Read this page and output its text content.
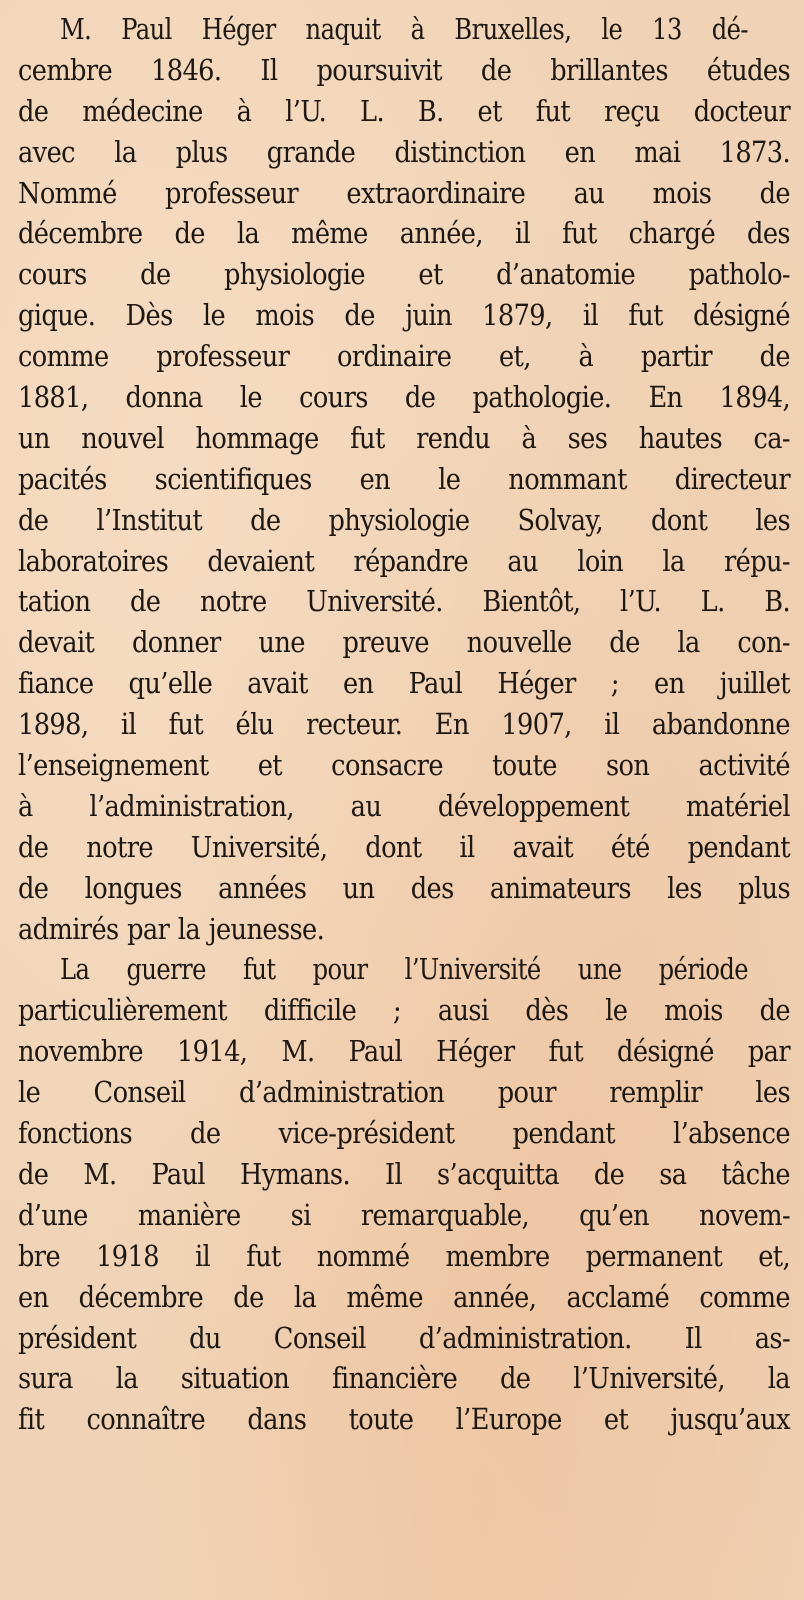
M. Paul Héger naquit à Bruxelles, le 13 dé-
cembre 1846. Il poursuivit de brillantes études
de médecine à l’U. L. B. et fut reçu docteur
avec la plus grande distinction en mai 1873.
Nommé professeur extraordinaire au mois de
décembre de la même année, il fut chargé des
cours de physiologie et d’anatomie patholo-
gique. Dès le mois de juin 1879, il fut désigné
comme professeur ordinaire et, à partir de
1881, donna le cours de pathologie. En 1894,
un nouvel hommage fut rendu à ses hautes ca-
pacités scientifiques en le nommant directeur
de l’Institut de physiologie Solvay, dont les
laboratoires devaient répandre au loin la répu-
tation de notre Université. Bientôt, l’U. L. B.
devait donner une preuve nouvelle de la con-
fiance qu’elle avait en Paul Héger ; en juillet
1898, il fut élu recteur. En 1907, il abandonne
l’enseignement et consacre toute son activité
à l’administration, au développement matériel
de notre Université, dont il avait été pendant
de longues années un des animateurs les plus
admirés par la jeunesse.
La guerre fut pour l’Université une période
particulièrement difficile ; ausi dès le mois de
novembre 1914, M. Paul Héger fut désigné par
le Conseil d’administration pour remplir les
fonctions de vice-président pendant l’absence
de M. Paul Hymans. Il s’acquitta de sa tâche
d’une manière si remarquable, qu’en novem-
bre 1918 il fut nommé membre permanent et,
en décembre de la même année, acclamé comme
président du Conseil d’administration. Il as-
sura la situation financière de l’Université, la
fit connaître dans toute l’Europe et jusqu’aux
